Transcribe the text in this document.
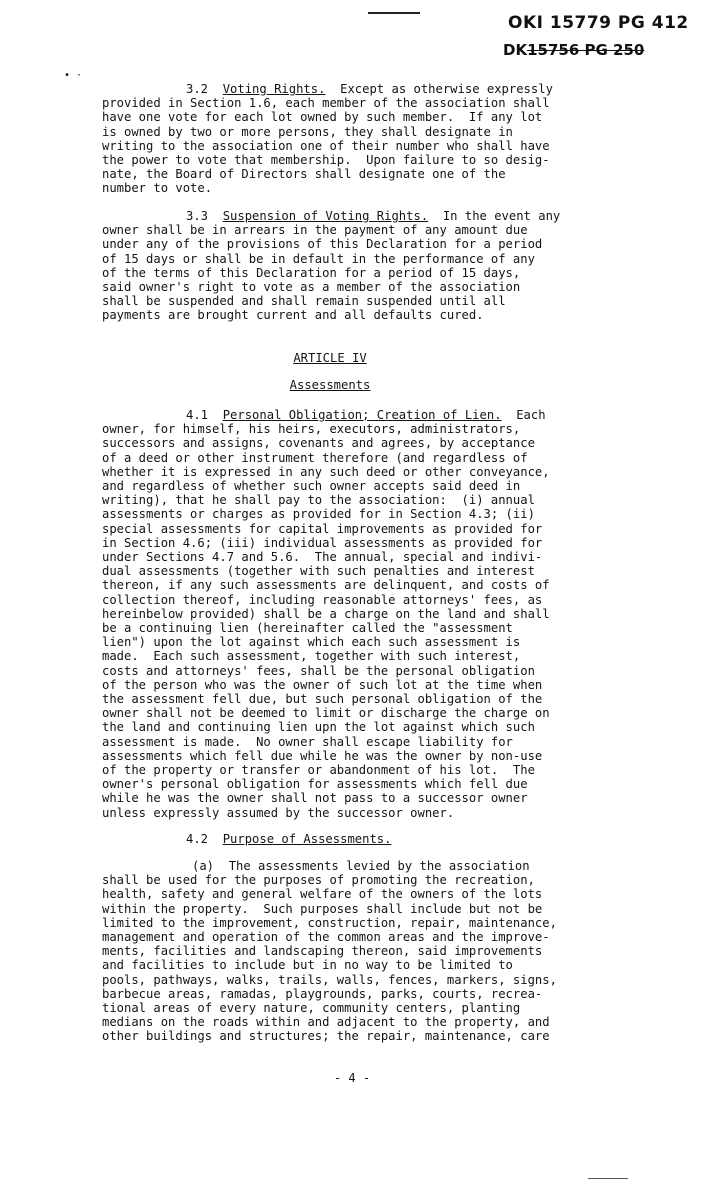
OKI 15779 PG 412
DK15756 PG 250
• ·
3.2 Voting Rights. Except as otherwise expressly
provided in Section 1.6, each member of the association shall
have one vote for each lot owned by such member.  If any lot
is owned by two or more persons, they shall designate in
writing to the association one of their number who shall have
the power to vote that membership.  Upon failure to so desig-
nate, the Board of Directors shall designate one of the
number to vote.
3.3 Suspension of Voting Rights. In the event any
owner shall be in arrears in the payment of any amount due
under any of the provisions of this Declaration for a period
of 15 days or shall be in default in the performance of any
of the terms of this Declaration for a period of 15 days,
said owner's right to vote as a member of the association
shall be suspended and shall remain suspended until all
payments are brought current and all defaults cured.
ARTICLE IV
Assessments
4.1 Personal Obligation; Creation of Lien. Each
owner, for himself, his heirs, executors, administrators,
successors and assigns, covenants and agrees, by acceptance
of a deed or other instrument therefore (and regardless of
whether it is expressed in any such deed or other conveyance,
and regardless of whether such owner accepts said deed in
writing), that he shall pay to the association:  (i) annual
assessments or charges as provided for in Section 4.3; (ii)
special assessments for capital improvements as provided for
in Section 4.6; (iii) individual assessments as provided for
under Sections 4.7 and 5.6.  The annual, special and indivi-
dual assessments (together with such penalties and interest
thereon, if any such assessments are delinquent, and costs of
collection thereof, including reasonable attorneys' fees, as
hereinbelow provided) shall be a charge on the land and shall
be a continuing lien (hereinafter called the "assessment
lien") upon the lot against which each such assessment is
made.  Each such assessment, together with such interest,
costs and attorneys' fees, shall be the personal obligation
of the person who was the owner of such lot at the time when
the assessment fell due, but such personal obligation of the
owner shall not be deemed to limit or discharge the charge on
the land and continuing lien upn the lot against which such
assessment is made.  No owner shall escape liability for
assessments which fell due while he was the owner by non-use
of the property or transfer or abandonment of his lot.  The
owner's personal obligation for assessments which fell due
while he was the owner shall not pass to a successor owner
unless expressly assumed by the successor owner.
4.2 Purpose of Assessments.
(a) The assessments levied by the association
shall be used for the purposes of promoting the recreation,
health, safety and general welfare of the owners of the lots
within the property.  Such purposes shall include but not be
limited to the improvement, construction, repair, maintenance,
management and operation of the common areas and the improve-
ments, facilities and landscaping thereon, said improvements
and facilities to include but in no way to be limited to
pools, pathways, walks, trails, walls, fences, markers, signs,
barbecue areas, ramadas, playgrounds, parks, courts, recrea-
tional areas of every nature, community centers, planting
medians on the roads within and adjacent to the property, and
other buildings and structures; the repair, maintenance, care
- 4 -
